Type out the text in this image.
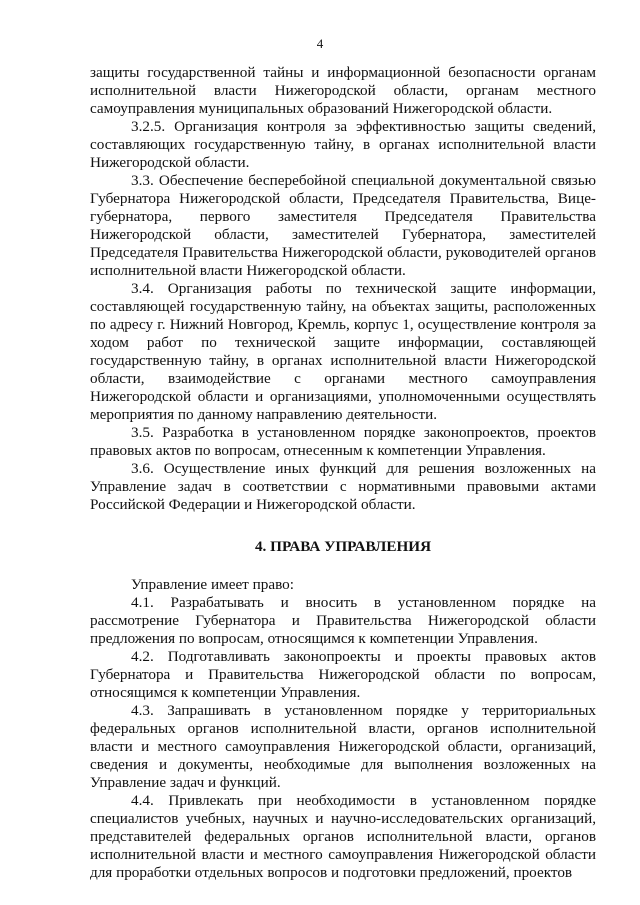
4

защиты государственной тайны и информационной безопасности органам исполнительной власти Нижегородской области, органам местного самоуправления муниципальных образований Нижегородской области.

3.2.5. Организация контроля за эффективностью защиты сведений, составляющих государственную тайну, в органах исполнительной власти Нижегородской области.

3.3. Обеспечение бесперебойной специальной документальной связью Губернатора Нижегородской области, Председателя Правительства, Вице-губернатора, первого заместителя Председателя Правительства Нижегородской области, заместителей Губернатора, заместителей Председателя Правительства Нижегородской области, руководителей органов исполнительной власти Нижегородской области.

3.4. Организация работы по технической защите информации, составляющей государственную тайну, на объектах защиты, расположенных по адресу г. Нижний Новгород, Кремль, корпус 1, осуществление контроля за ходом работ по технической защите информации, составляющей государственную тайну, в органах исполнительной власти Нижегородской области, взаимодействие с органами местного самоуправления Нижегородской области и организациями, уполномоченными осуществлять мероприятия по данному направлению деятельности.

3.5. Разработка в установленном порядке законопроектов, проектов правовых актов по вопросам, отнесенным к компетенции Управления.

3.6. Осуществление иных функций для решения возложенных на Управление задач в соответствии с нормативными правовыми актами Российской Федерации и Нижегородской области.

4. ПРАВА УПРАВЛЕНИЯ

Управление имеет право:

4.1. Разрабатывать и вносить в установленном порядке на рассмотрение Губернатора и Правительства Нижегородской области предложения по вопросам, относящимся к компетенции Управления.

4.2. Подготавливать законопроекты и проекты правовых актов Губернатора и Правительства Нижегородской области по вопросам, относящимся к компетенции Управления.

4.3. Запрашивать в установленном порядке у территориальных федеральных органов исполнительной власти, органов исполнительной власти и местного самоуправления Нижегородской области, организаций, сведения и документы, необходимые для выполнения возложенных на Управление задач и функций.

4.4. Привлекать при необходимости в установленном порядке специалистов учебных, научных и научно-исследовательских организаций, представителей федеральных органов исполнительной власти, органов исполнительной власти и местного самоуправления Нижегородской области для проработки отдельных вопросов и подготовки предложений, проектов
